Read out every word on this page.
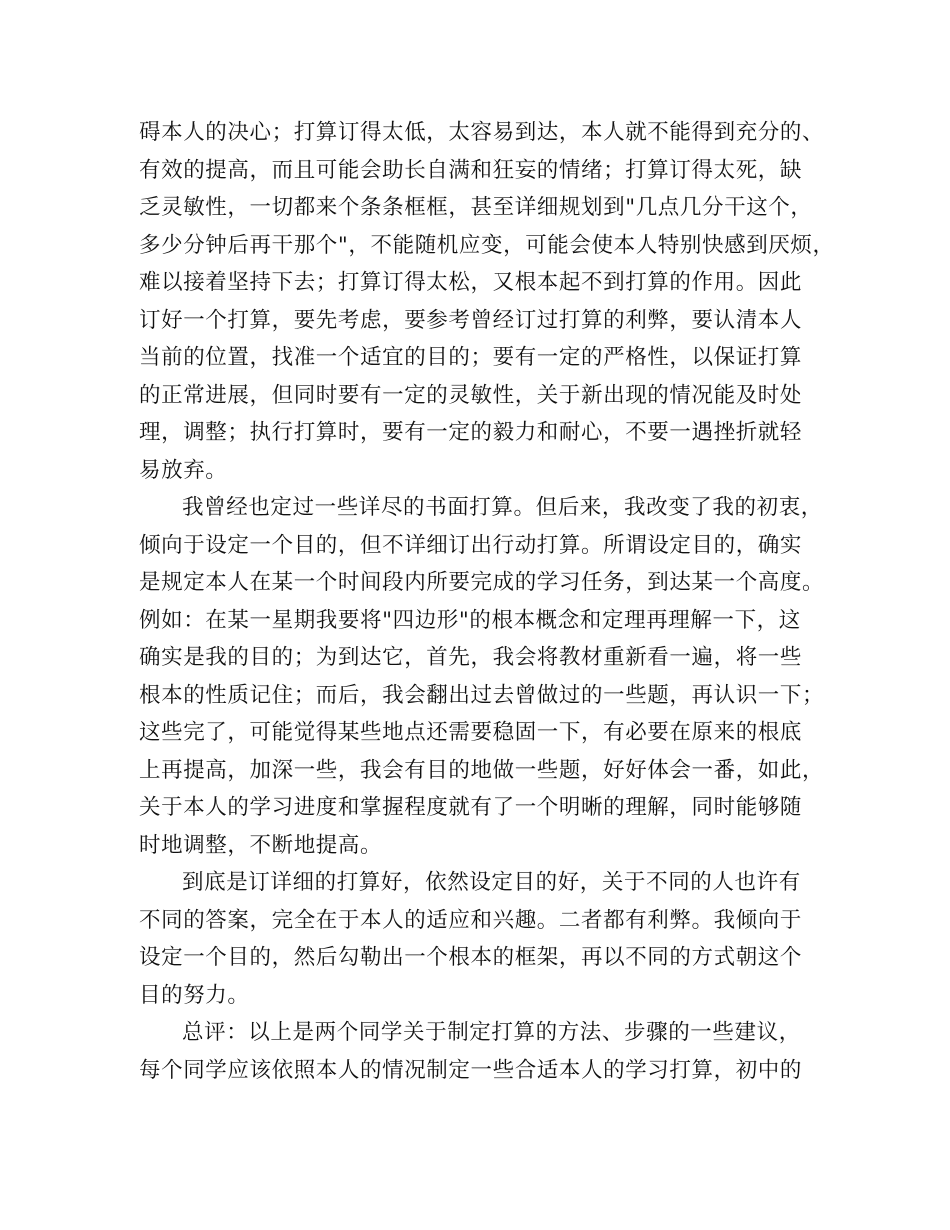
碍本人的决心；打算订得太低，太容易到达，本人就不能得到充分的、
有效的提高，而且可能会助长自满和狂妄的情绪；打算订得太死，缺
乏灵敏性，一切都来个条条框框，甚至详细规划到"几点几分干这个，
多少分钟后再干那个"，不能随机应变，可能会使本人特别快感到厌烦，
难以接着坚持下去；打算订得太松，又根本起不到打算的作用。因此
订好一个打算，要先考虑，要参考曾经订过打算的利弊，要认清本人
当前的位置，找准一个适宜的目的；要有一定的严格性，以保证打算
的正常进展，但同时要有一定的灵敏性，关于新出现的情况能及时处
理，调整；执行打算时，要有一定的毅力和耐心，不要一遇挫折就轻
易放弃。
我曾经也定过一些详尽的书面打算。但后来，我改变了我的初衷，
倾向于设定一个目的，但不详细订出行动打算。所谓设定目的，确实
是规定本人在某一个时间段内所要完成的学习任务，到达某一个高度。
例如：在某一星期我要将"四边形"的根本概念和定理再理解一下，这
确实是我的目的；为到达它，首先，我会将教材重新看一遍，将一些
根本的性质记住；而后，我会翻出过去曾做过的一些题，再认识一下；
这些完了，可能觉得某些地点还需要稳固一下，有必要在原来的根底
上再提高，加深一些，我会有目的地做一些题，好好体会一番，如此，
关于本人的学习进度和掌握程度就有了一个明晰的理解，同时能够随
时地调整，不断地提高。
到底是订详细的打算好，依然设定目的好，关于不同的人也许有
不同的答案，完全在于本人的适应和兴趣。二者都有利弊。我倾向于
设定一个目的，然后勾勒出一个根本的框架，再以不同的方式朝这个
目的努力。
总评：以上是两个同学关于制定打算的方法、步骤的一些建议，
每个同学应该依照本人的情况制定一些合适本人的学习打算，初中的
